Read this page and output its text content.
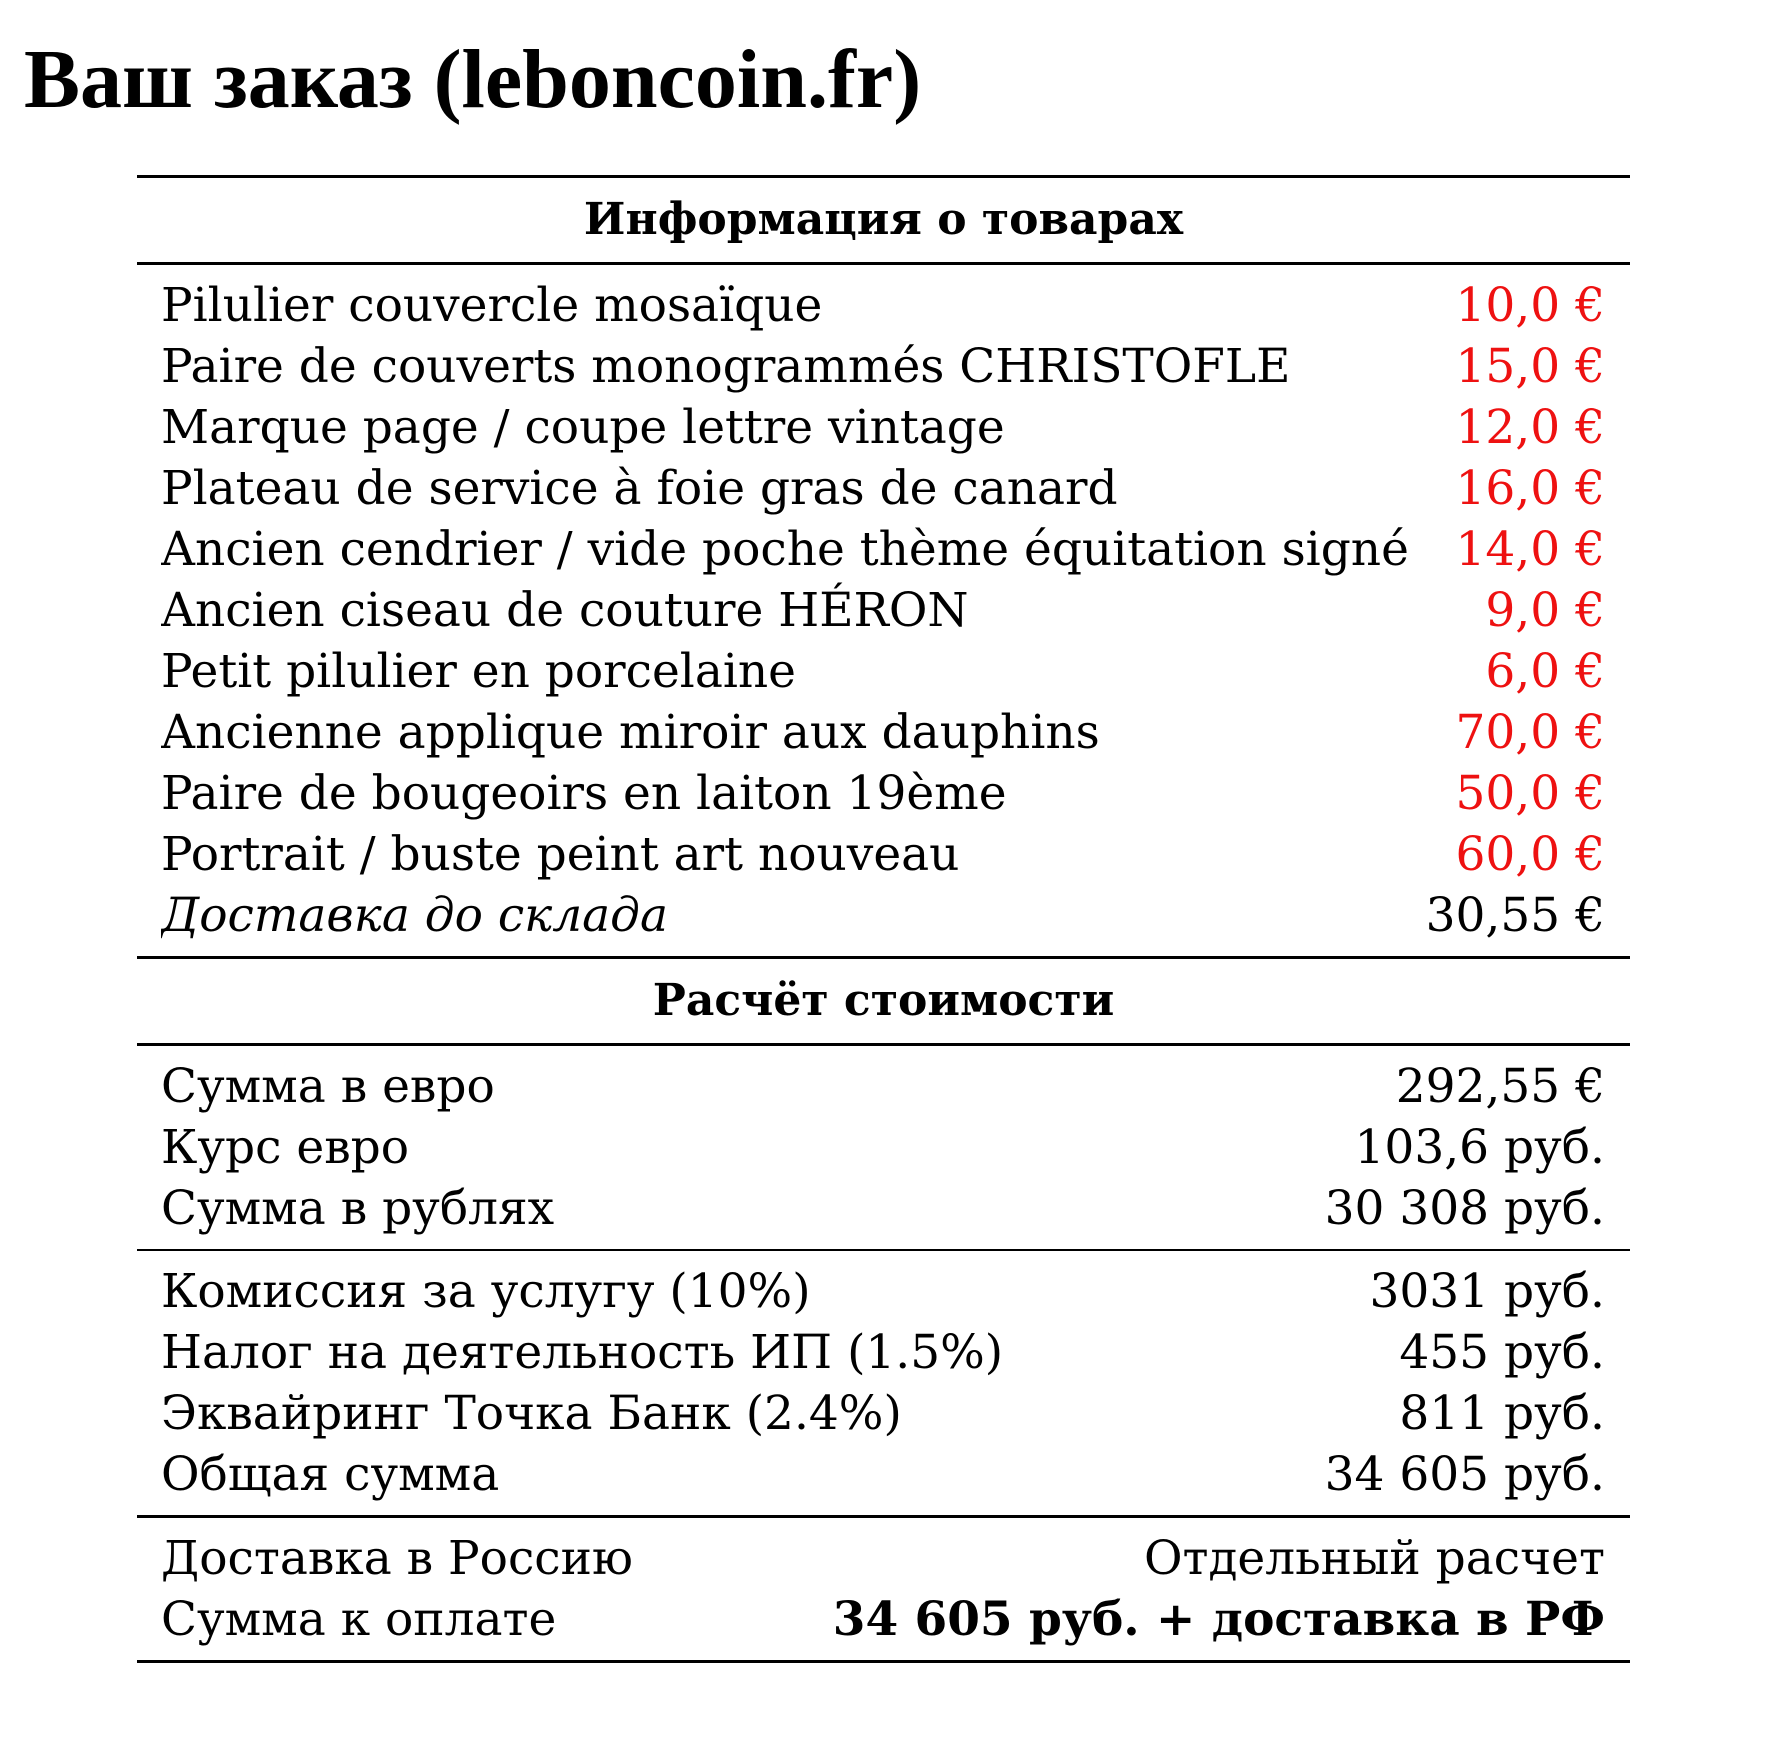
Ваш заказ (leboncoin.fr)
Информация о товарах
Pilulier couvercle mosaïque	10,0 €
Paire de couverts monogrammés CHRISTOFLE	15,0 €
Marque page / coupe lettre vintage	12,0 €
Plateau de service à foie gras de canard	16,0 €
Ancien cendrier / vide poche thème équitation signé 14,0 €
Ancien ciseau de couture HÉRON	9,0 €
Petit pilulier en porcelaine	6,0 €
Ancienne applique miroir aux dauphins	70,0 €
Paire de bougeoirs en laiton 19ème	50,0 €
Portrait / buste peint art nouveau	60,0 €
Доставка до склада	30,55 €
Расчёт стоимости
Сумма в евро	292,55 €
Курс евро	103,6 руб.
Сумма в рублях	30 308 руб.
Комиссия за услугу (10%)	3031 руб.
Налог на деятельность ИП (1.5%)	455 руб.
Эквайринг Точка Банк (2.4%)	811 руб.
Общая сумма	34 605 руб.
Доставка в Россию	Отдельный расчет
Сумма к оплате	34 605 руб. + доставка в РФ
